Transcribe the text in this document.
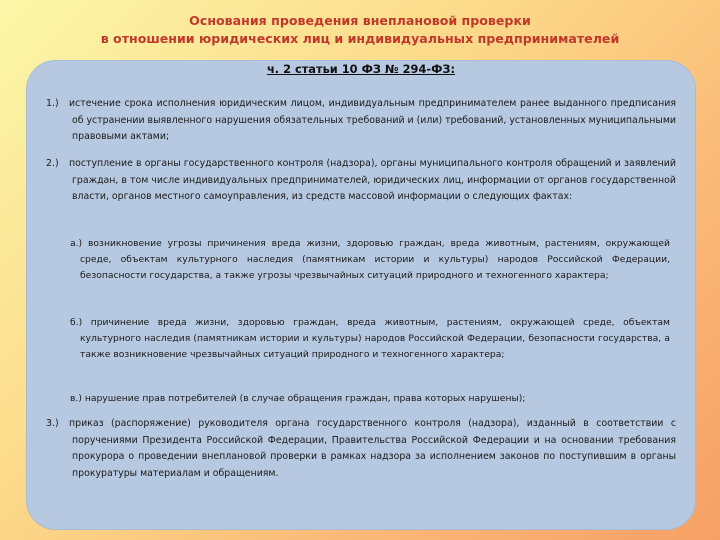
Основания проведения внеплановой проверки
в отношении юридических лиц и индивидуальных предпринимателей
ч. 2 статьи 10 ФЗ № 294-ФЗ:
1.)	истечение срока исполнения юридическим лицом, индивидуальным предпринимателем ранее выданного предписания об устранении выявленного нарушения обязательных требований и (или) требований, установленных муниципальными правовыми актами;
2.)	поступление в органы государственного контроля (надзора), органы муниципального контроля обращений и заявлений граждан, в том числе индивидуальных предпринимателей, юридических лиц, информации от органов государственной власти, органов местного самоуправления, из средств массовой информации о следующих фактах:
а.) возникновение угрозы причинения вреда жизни, здоровью граждан, вреда животным, растениям, окружающей среде, объектам культурного наследия (памятникам истории и культуры) народов Российской Федерации, безопасности государства, а также угрозы чрезвычайных ситуаций природного и техногенного характера;
б.) причинение вреда жизни, здоровью граждан, вреда животным, растениям, окружающей среде, объектам культурного наследия (памятникам истории и культуры) народов Российской Федерации, безопасности государства, а также возникновение чрезвычайных ситуаций природного и техногенного характера;
в.) нарушение прав потребителей (в случае обращения граждан, права которых нарушены);
3.)	приказ (распоряжение) руководителя органа государственного контроля (надзора), изданный в соответствии с поручениями Президента Российской Федерации, Правительства Российской Федерации и на основании требования прокурора о проведении внеплановой проверки в рамках надзора за исполнением законов по поступившим в органы прокуратуры материалам и обращениям.
